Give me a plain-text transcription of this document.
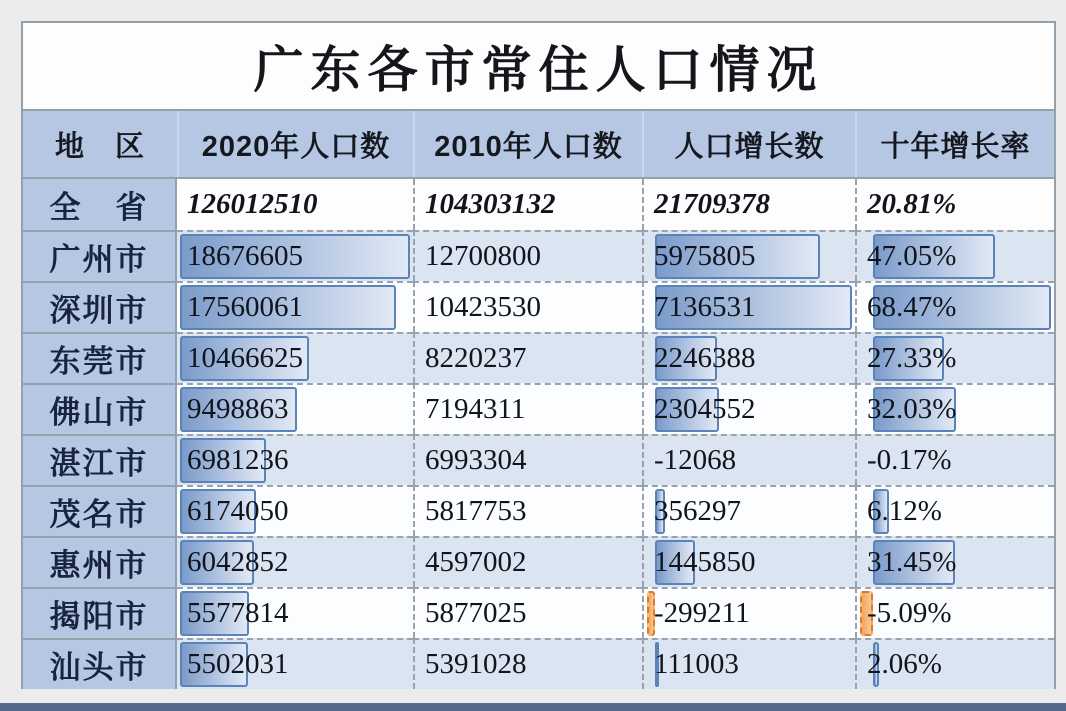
广东各市常住人口情况
地　区	2020年人口数	2010年人口数	人口增长数	十年增长率
全　省	126012510	104303132	21709378	20.81%
广州市	18676605	12700800	5975805	47.05%
深圳市	17560061	10423530	7136531	68.47%
东莞市	10466625	8220237	2246388	27.33%
佛山市	9498863	7194311	2304552	32.03%
湛江市	6981236	6993304	-12068	-0.17%
茂名市	6174050	5817753	356297	6.12%
惠州市	6042852	4597002	1445850	31.45%
揭阳市	5577814	5877025	-299211	-5.09%
汕头市	5502031	5391028	111003	2.06%
